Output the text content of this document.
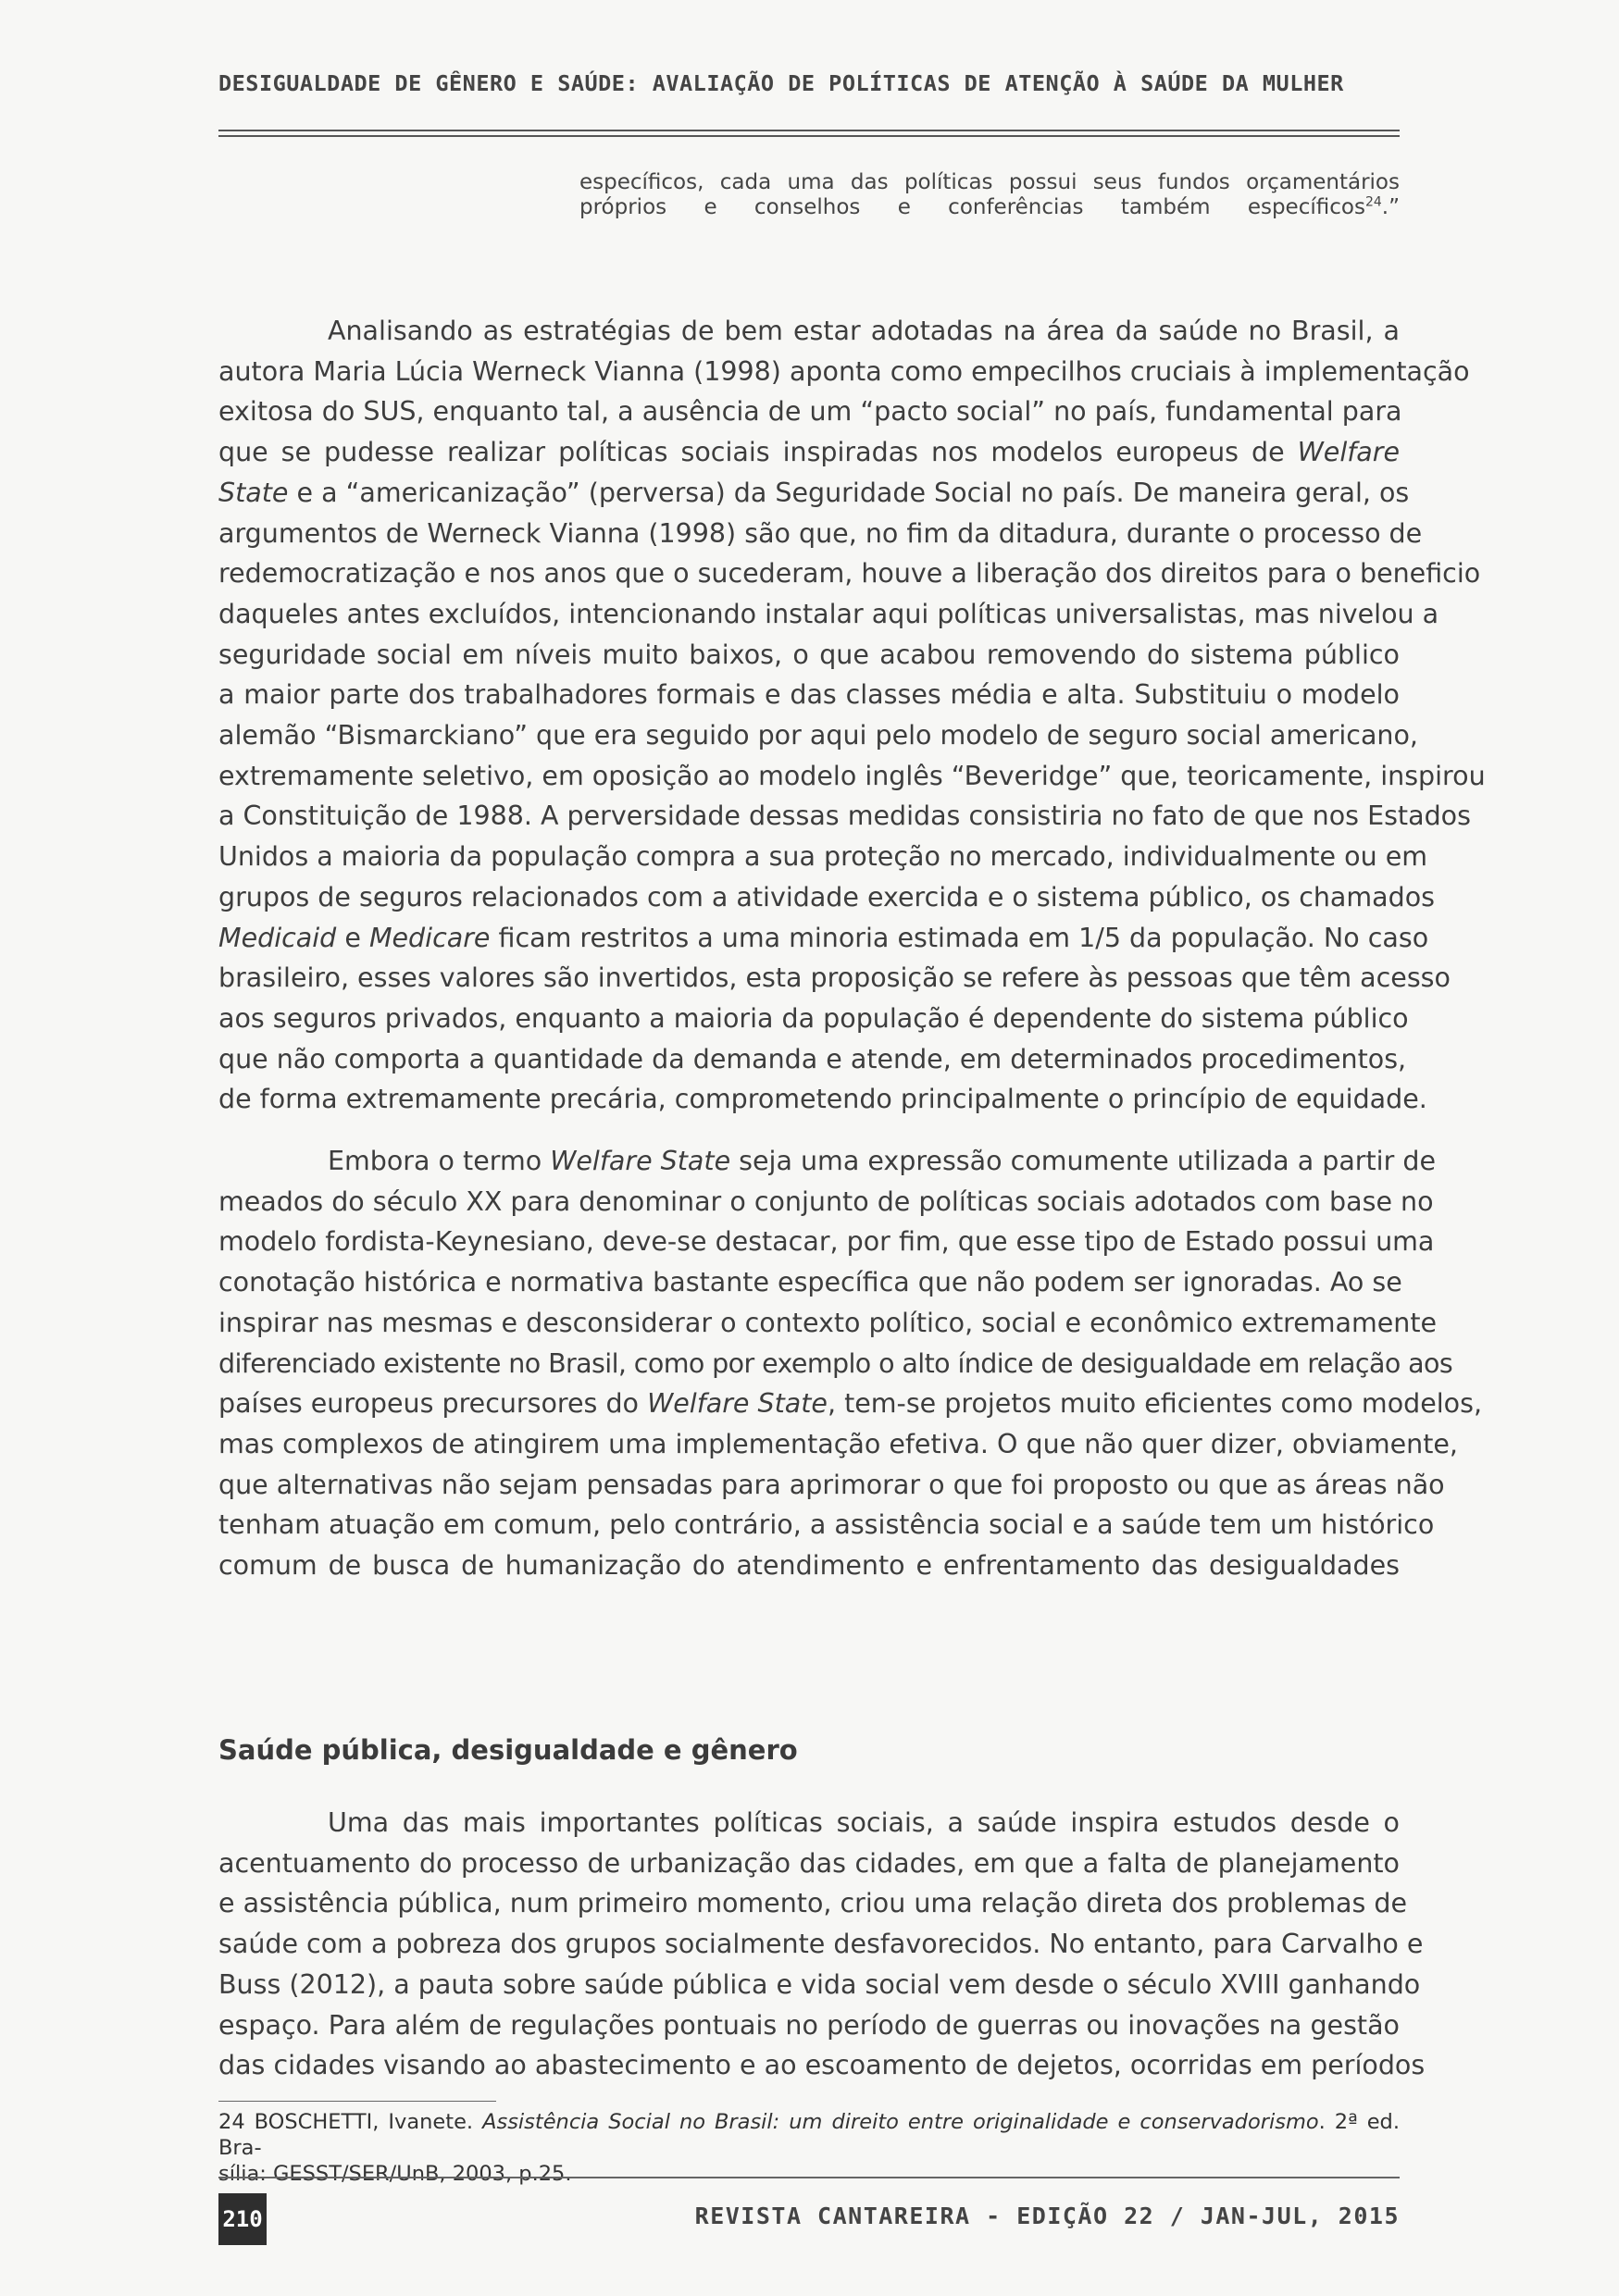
DESIGUALDADE DE GÊNERO E SAÚDE: AVALIAÇÃO DE POLÍTICAS DE ATENÇÃO À SAÚDE DA MULHER
específicos, cada uma das políticas possui seus fundos orçamentários
próprios e conselhos e conferências também específicos$^{24}$.”
Analisando as estratégias de bem estar adotadas na área da saúde no Brasil, a
autora Maria Lúcia Werneck Vianna (1998) aponta como empecilhos cruciais à implementação
exitosa do SUS, enquanto tal, a ausência de um “pacto social” no país, fundamental para
que se pudesse realizar políticas sociais inspiradas nos modelos europeus de Welfare
State e a “americanização” (perversa) da Seguridade Social no país. De maneira geral, os
argumentos de Werneck Vianna (1998) são que, no fim da ditadura, durante o processo de
redemocratização e nos anos que o sucederam, houve a liberação dos direitos para o beneficio
daqueles antes excluídos, intencionando instalar aqui políticas universalistas, mas nivelou a
seguridade social em níveis muito baixos, o que acabou removendo do sistema público
a maior parte dos trabalhadores formais e das classes média e alta. Substituiu o modelo
alemão “Bismarckiano” que era seguido por aqui pelo modelo de seguro social americano,
extremamente seletivo, em oposição ao modelo inglês “Beveridge” que, teoricamente, inspirou
a Constituição de 1988. A perversidade dessas medidas consistiria no fato de que nos Estados
Unidos a maioria da população compra a sua proteção no mercado, individualmente ou em
grupos de seguros relacionados com a atividade exercida e o sistema público, os chamados
Medicaid e Medicare ficam restritos a uma minoria estimada em 1/5 da população. No caso
brasileiro, esses valores são invertidos, esta proposição se refere às pessoas que têm acesso
aos seguros privados, enquanto a maioria da população é dependente do sistema público
que não comporta a quantidade da demanda e atende, em determinados procedimentos,
de forma extremamente precária, comprometendo principalmente o princípio de equidade.
Embora o termo Welfare State seja uma expressão comumente utilizada a partir de
meados do século XX para denominar o conjunto de políticas sociais adotados com base no
modelo fordista-Keynesiano, deve-se destacar, por fim, que esse tipo de Estado possui uma
conotação histórica e normativa bastante específica que não podem ser ignoradas. Ao se
inspirar nas mesmas e desconsiderar o contexto político, social e econômico extremamente
diferenciado existente no Brasil, como por exemplo o alto índice de desigualdade em relação aos
países europeus precursores do Welfare State, tem-se projetos muito eficientes como modelos,
mas complexos de atingirem uma implementação efetiva. O que não quer dizer, obviamente,
que alternativas não sejam pensadas para aprimorar o que foi proposto ou que as áreas não
tenham atuação em comum, pelo contrário, a assistência social e a saúde tem um histórico
comum de busca de humanização do atendimento e enfrentamento das desigualdades
Saúde pública, desigualdade e gênero
Uma das mais importantes políticas sociais, a saúde inspira estudos desde o
acentuamento do processo de urbanização das cidades, em que a falta de planejamento
e assistência pública, num primeiro momento, criou uma relação direta dos problemas de
saúde com a pobreza dos grupos socialmente desfavorecidos. No entanto, para Carvalho e
Buss (2012), a pauta sobre saúde pública e vida social vem desde o século XVIII ganhando
espaço. Para além de regulações pontuais no período de guerras ou inovações na gestão
das cidades visando ao abastecimento e ao escoamento de dejetos, ocorridas em períodos
24 BOSCHETTI, Ivanete. Assistência Social no Brasil: um direito entre originalidade e conservadorismo. 2ª ed. Bra-
sília: GESST/SER/UnB, 2003, p.25.
210	REVISTA CANTAREIRA - EDIÇÃO 22 / JAN-JUL, 2015
